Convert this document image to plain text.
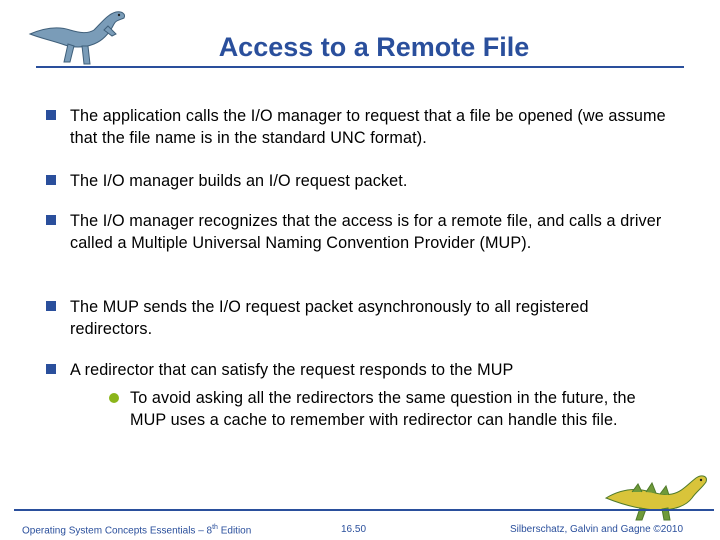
Access to a Remote File
The application calls the I/O manager to request that a file be opened (we assume that the file name is in the standard UNC format).
The I/O manager builds an I/O request packet.
The I/O manager recognizes that the access is for a remote file, and calls a driver called a Multiple Universal Naming Convention Provider (MUP).
The MUP sends the I/O request packet asynchronously to all registered redirectors.
A redirector that can satisfy the request responds to the MUP
To avoid asking all the redirectors the same question in the future, the MUP uses a cache to remember with redirector can handle this file.
Operating System Concepts Essentials – 8th Edition	16.50	Silberschatz, Galvin and Gagne ©2010
